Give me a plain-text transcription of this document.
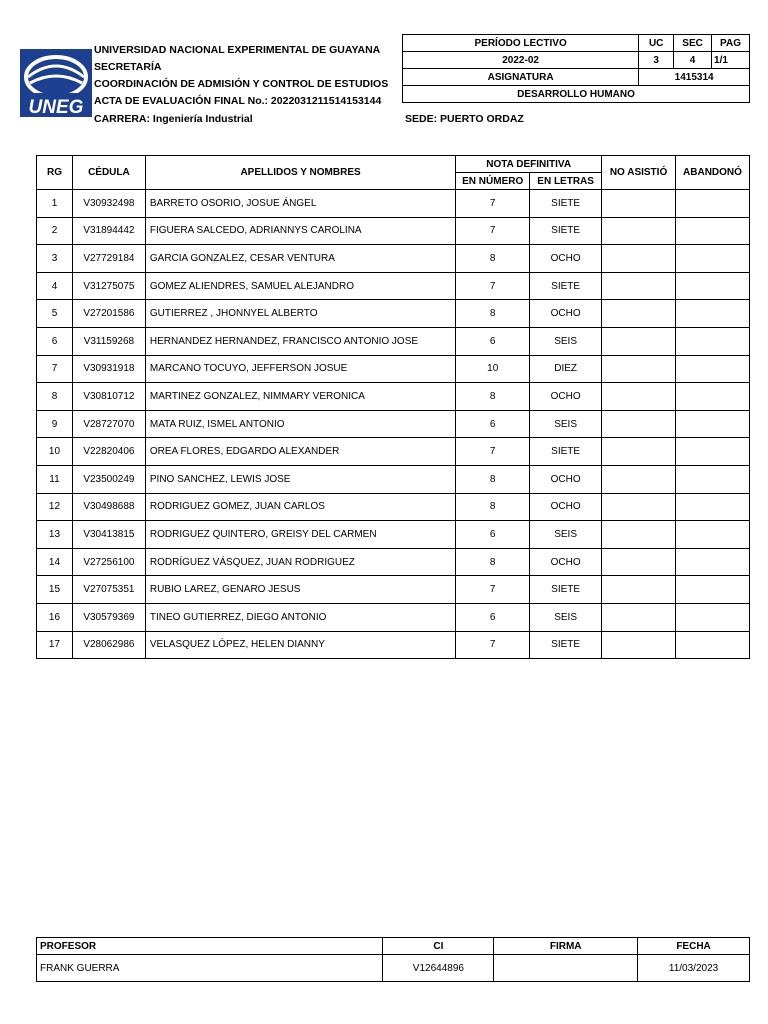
UNEG
UNIVERSIDAD NACIONAL EXPERIMENTAL DE GUAYANA
SECRETARÍA
COORDINACIÓN DE ADMISIÓN Y CONTROL DE ESTUDIOS
ACTA DE EVALUACIÓN FINAL No.: 2022031211514153144
CARRERA: Ingeniería Industrial	SEDE: PUERTO ORDAZ
PERÍODO LECTIVO	UC	SEC	PAG
2022-02	3	4	1/1
ASIGNATURA	1415314		
DESARROLLO HUMANO			
RG	CÉDULA	APELLIDOS Y NOMBRES	NOTA DEFINITIVA		NO ASISTIÓ	ABANDONÓ
			EN NÚMERO	EN LETRAS		
1	V30932498	BARRETO OSORIO, JOSUE ÁNGEL	7	SIETE		
2	V31894442	FIGUERA SALCEDO, ADRIANNYS CAROLINA	7	SIETE		
3	V27729184	GARCIA GONZALEZ, CESAR VENTURA	8	OCHO		
4	V31275075	GOMEZ ALIENDRES, SAMUEL ALEJANDRO	7	SIETE		
5	V27201586	GUTIERREZ , JHONNYEL ALBERTO	8	OCHO		
6	V31159268	HERNANDEZ HERNANDEZ, FRANCISCO ANTONIO JOSE	6	SEIS		
7	V30931918	MARCANO TOCUYO, JEFFERSON JOSUE	10	DIEZ		
8	V30810712	MARTINEZ GONZALEZ, NIMMARY VERONICA	8	OCHO		
9	V28727070	MATA RUIZ, ISMEL ANTONIO	6	SEIS		
10	V22820406	OREA FLORES, EDGARDO ALEXANDER	7	SIETE		
11	V23500249	PINO SANCHEZ, LEWIS JOSE	8	OCHO		
12	V30498688	RODRIGUEZ GOMEZ, JUAN CARLOS	8	OCHO		
13	V30413815	RODRIGUEZ QUINTERO, GREISY DEL CARMEN	6	SEIS		
14	V27256100	RODRÍGUEZ VÁSQUEZ, JUAN RODRIGUEZ	8	OCHO		
15	V27075351	RUBIO LAREZ, GENARO JESUS	7	SIETE		
16	V30579369	TINEO GUTIERREZ, DIEGO ANTONIO	6	SEIS		
17	V28062986	VELASQUEZ LÓPEZ, HELEN DIANNY	7	SIETE		
PROFESOR	CI	FIRMA	FECHA
FRANK GUERRA	V12644896		11/03/2023
